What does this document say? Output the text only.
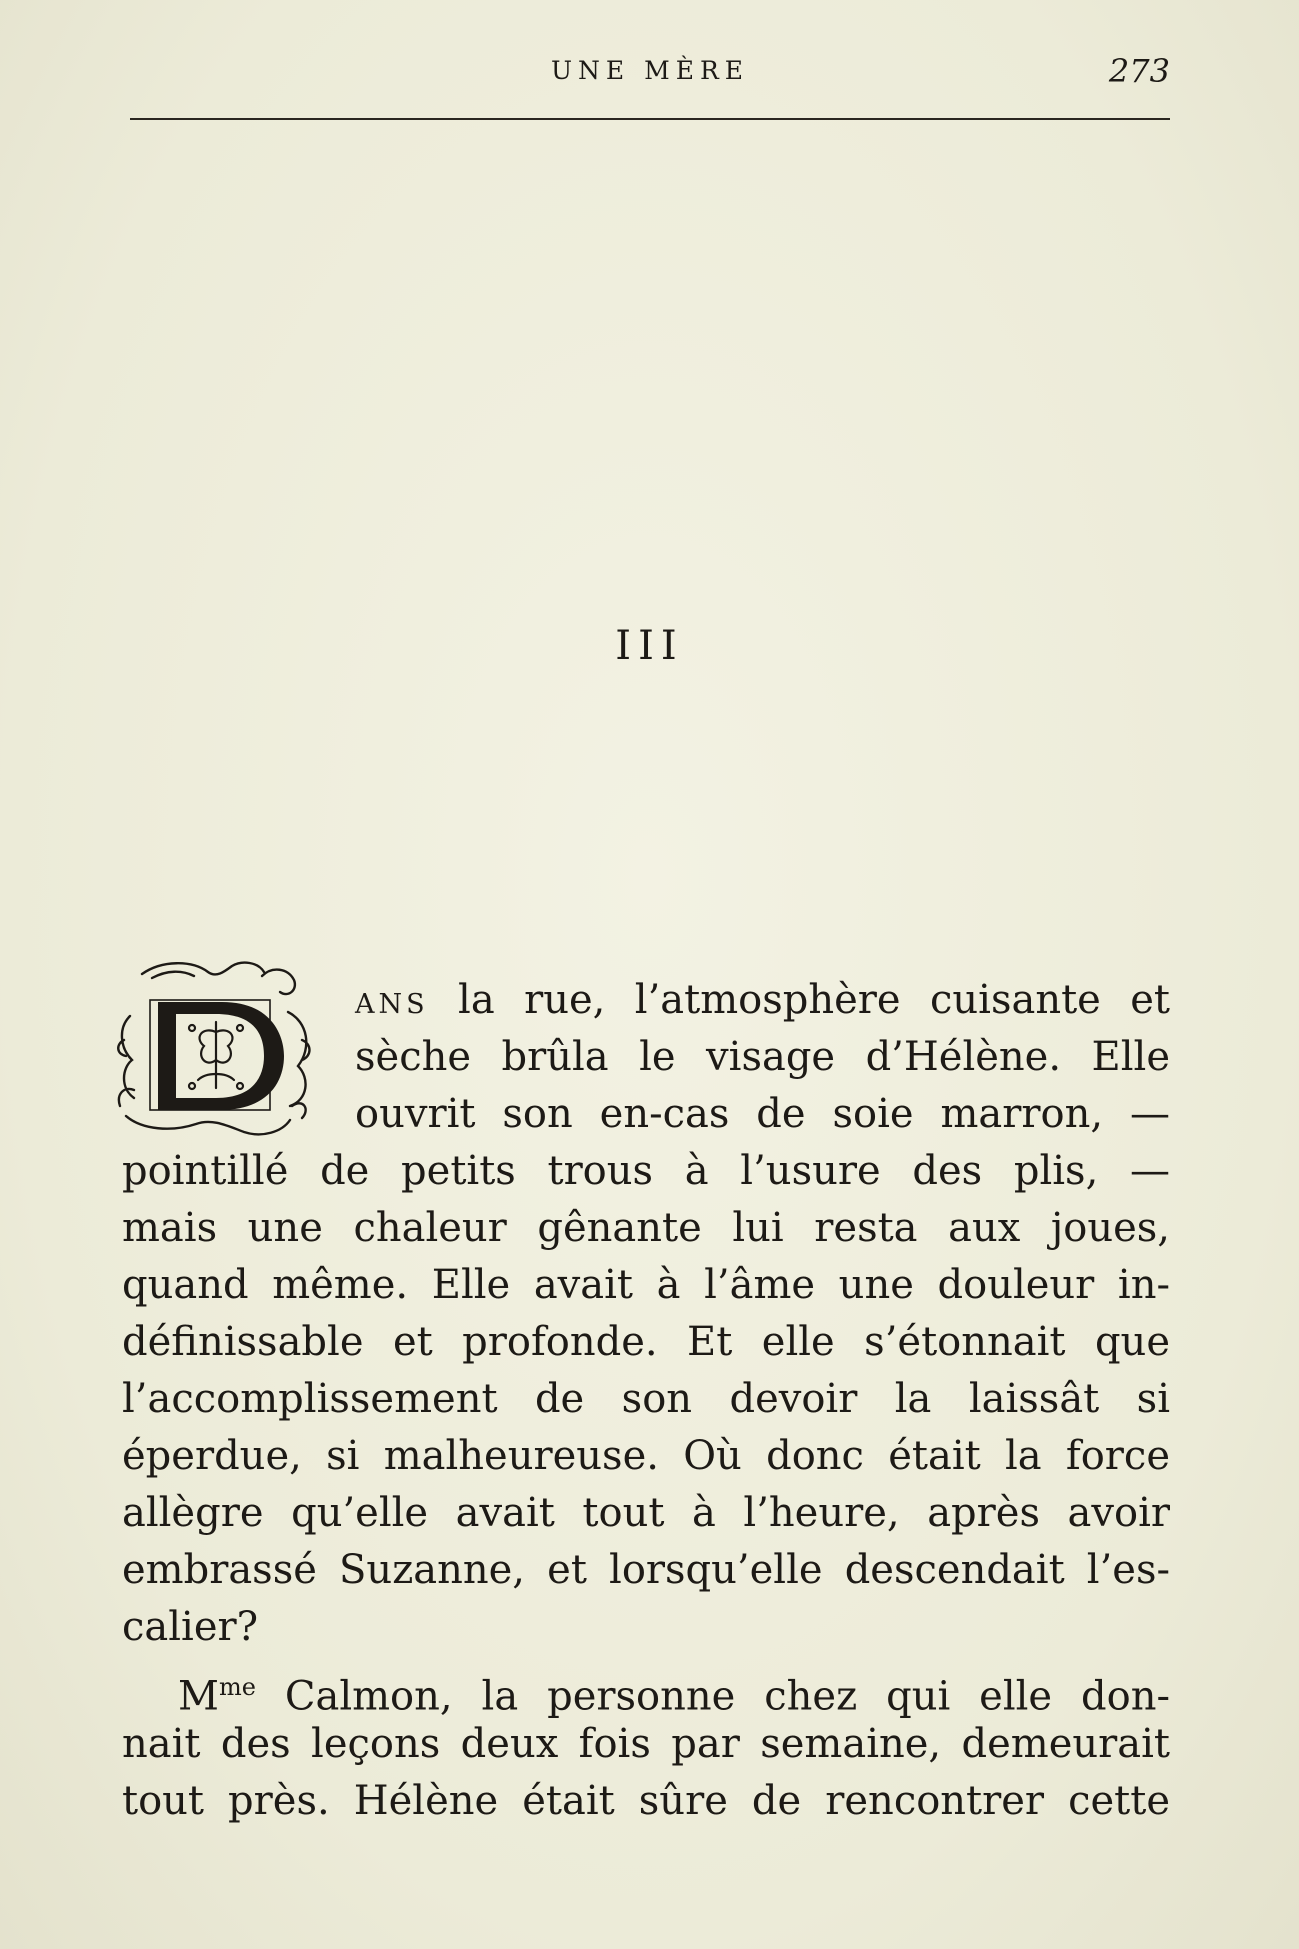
UNE MÈRE	273
III
ANS la rue, l’atmosphère cuisante et
sèche brûla le visage d’Hélène. Elle
ouvrit son en-cas de soie marron, —
pointillé de petits trous à l’usure des plis, —
mais une chaleur gênante lui resta aux joues,
quand même. Elle avait à l’âme une douleur in-
définissable et profonde. Et elle s’étonnait que
l’accomplissement de son devoir la laissât si
éperdue, si malheureuse. Où donc était la force
allègre qu’elle avait tout à l’heure, après avoir
embrassé Suzanne, et lorsqu’elle descendait l’es-
calier?
$M^{me}$ Calmon, la personne chez qui elle don-
nait des leçons deux fois par semaine, demeurait
tout près. Hélène était sûre de rencontrer cette
